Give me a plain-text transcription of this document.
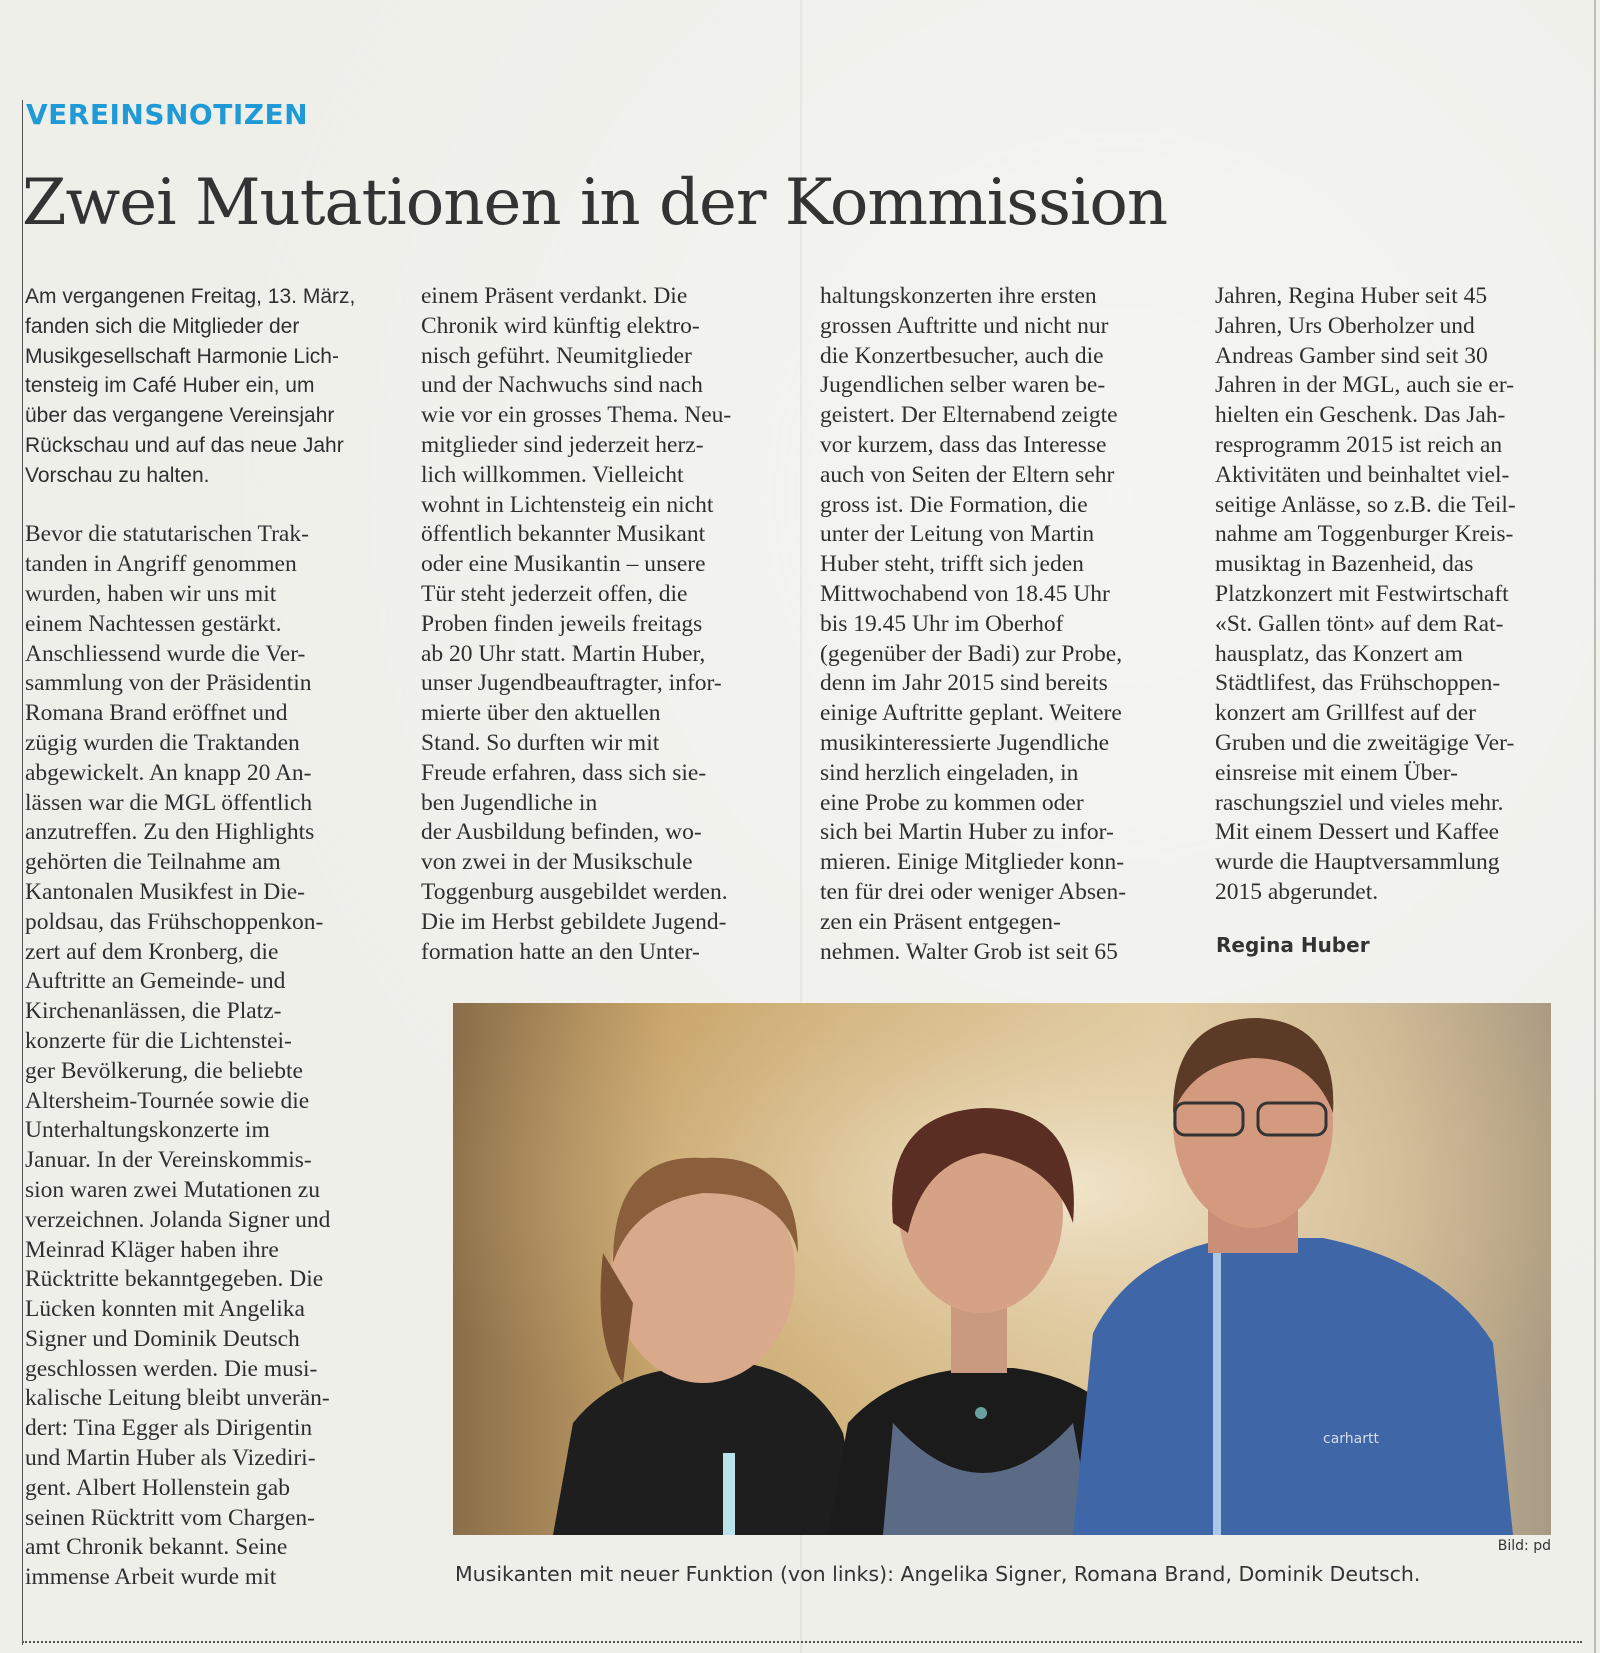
VEREINSNOTIZEN
Zwei Mutationen in der Kommission
Am vergangenen Freitag, 13. März,
fanden sich die Mitglieder der
Musikgesellschaft Harmonie Lich-
tensteig im Café Huber ein, um
über das vergangene Vereinsjahr
Rückschau und auf das neue Jahr
Vorschau zu halten.
Bevor die statutarischen Trak-
tanden in Angriff genommen
wurden, haben wir uns mit
einem Nachtessen gestärkt.
Anschliessend wurde die Ver-
sammlung von der Präsidentin
Romana Brand eröffnet und
zügig wurden die Traktanden
abgewickelt. An knapp 20 An-
lässen war die MGL öffentlich
anzutreffen. Zu den Highlights
gehörten die Teilnahme am
Kantonalen Musikfest in Die-
poldsau, das Frühschoppenkon-
zert auf dem Kronberg, die
Auftritte an Gemeinde- und
Kirchenanlässen, die Platz-
konzerte für die Lichtenstei-
ger Bevölkerung, die beliebte
Altersheim-Tournée sowie die
Unterhaltungskonzerte im
Januar. In der Vereinskommis-
sion waren zwei Mutationen zu
verzeichnen. Jolanda Signer und
Meinrad Kläger haben ihre
Rücktritte bekanntgegeben. Die
Lücken konnten mit Angelika
Signer und Dominik Deutsch
geschlossen werden. Die musi-
kalische Leitung bleibt unverän-
dert: Tina Egger als Dirigentin
und Martin Huber als Vizediri-
gent. Albert Hollenstein gab
seinen Rücktritt vom Chargen-
amt Chronik bekannt. Seine
immense Arbeit wurde mit
einem Präsent verdankt. Die
Chronik wird künftig elektro-
nisch geführt. Neumitglieder
und der Nachwuchs sind nach
wie vor ein grosses Thema. Neu-
mitglieder sind jederzeit herz-
lich willkommen. Vielleicht
wohnt in Lichtensteig ein nicht
öffentlich bekannter Musikant
oder eine Musikantin – unsere
Tür steht jederzeit offen, die
Proben finden jeweils freitags
ab 20 Uhr statt. Martin Huber,
unser Jugendbeauftragter, infor-
mierte über den aktuellen
Stand. So durften wir mit
Freude erfahren, dass sich sie-
ben Jugendliche in
der Ausbildung befinden, wo-
von zwei in der Musikschule
Toggenburg ausgebildet werden.
Die im Herbst gebildete Jugend-
formation hatte an den Unter-
haltungskonzerten ihre ersten
grossen Auftritte und nicht nur
die Konzertbesucher, auch die
Jugendlichen selber waren be-
geistert. Der Elternabend zeigte
vor kurzem, dass das Interesse
auch von Seiten der Eltern sehr
gross ist. Die Formation, die
unter der Leitung von Martin
Huber steht, trifft sich jeden
Mittwochabend von 18.45 Uhr
bis 19.45 Uhr im Oberhof
(gegenüber der Badi) zur Probe,
denn im Jahr 2015 sind bereits
einige Auftritte geplant. Weitere
musikinteressierte Jugendliche
sind herzlich eingeladen, in
eine Probe zu kommen oder
sich bei Martin Huber zu infor-
mieren. Einige Mitglieder konn-
ten für drei oder weniger Absen-
zen ein Präsent entgegen-
nehmen. Walter Grob ist seit 65
Jahren, Regina Huber seit 45
Jahren, Urs Oberholzer und
Andreas Gamber sind seit 30
Jahren in der MGL, auch sie er-
hielten ein Geschenk. Das Jah-
resprogramm 2015 ist reich an
Aktivitäten und beinhaltet viel-
seitige Anlässe, so z.B. die Teil-
nahme am Toggenburger Kreis-
musiktag in Bazenheid, das
Platzkonzert mit Festwirtschaft
«St. Gallen tönt» auf dem Rat-
hausplatz, das Konzert am
Städtlifest, das Frühschoppen-
konzert am Grillfest auf der
Gruben und die zweitägige Ver-
einsreise mit einem Über-
raschungsziel und vieles mehr.
Mit einem Dessert und Kaffee
wurde die Hauptversammlung
2015 abgerundet.
Regina Huber
carhartt
Bild: pd
Musikanten mit neuer Funktion (von links): Angelika Signer, Romana Brand, Dominik Deutsch.
